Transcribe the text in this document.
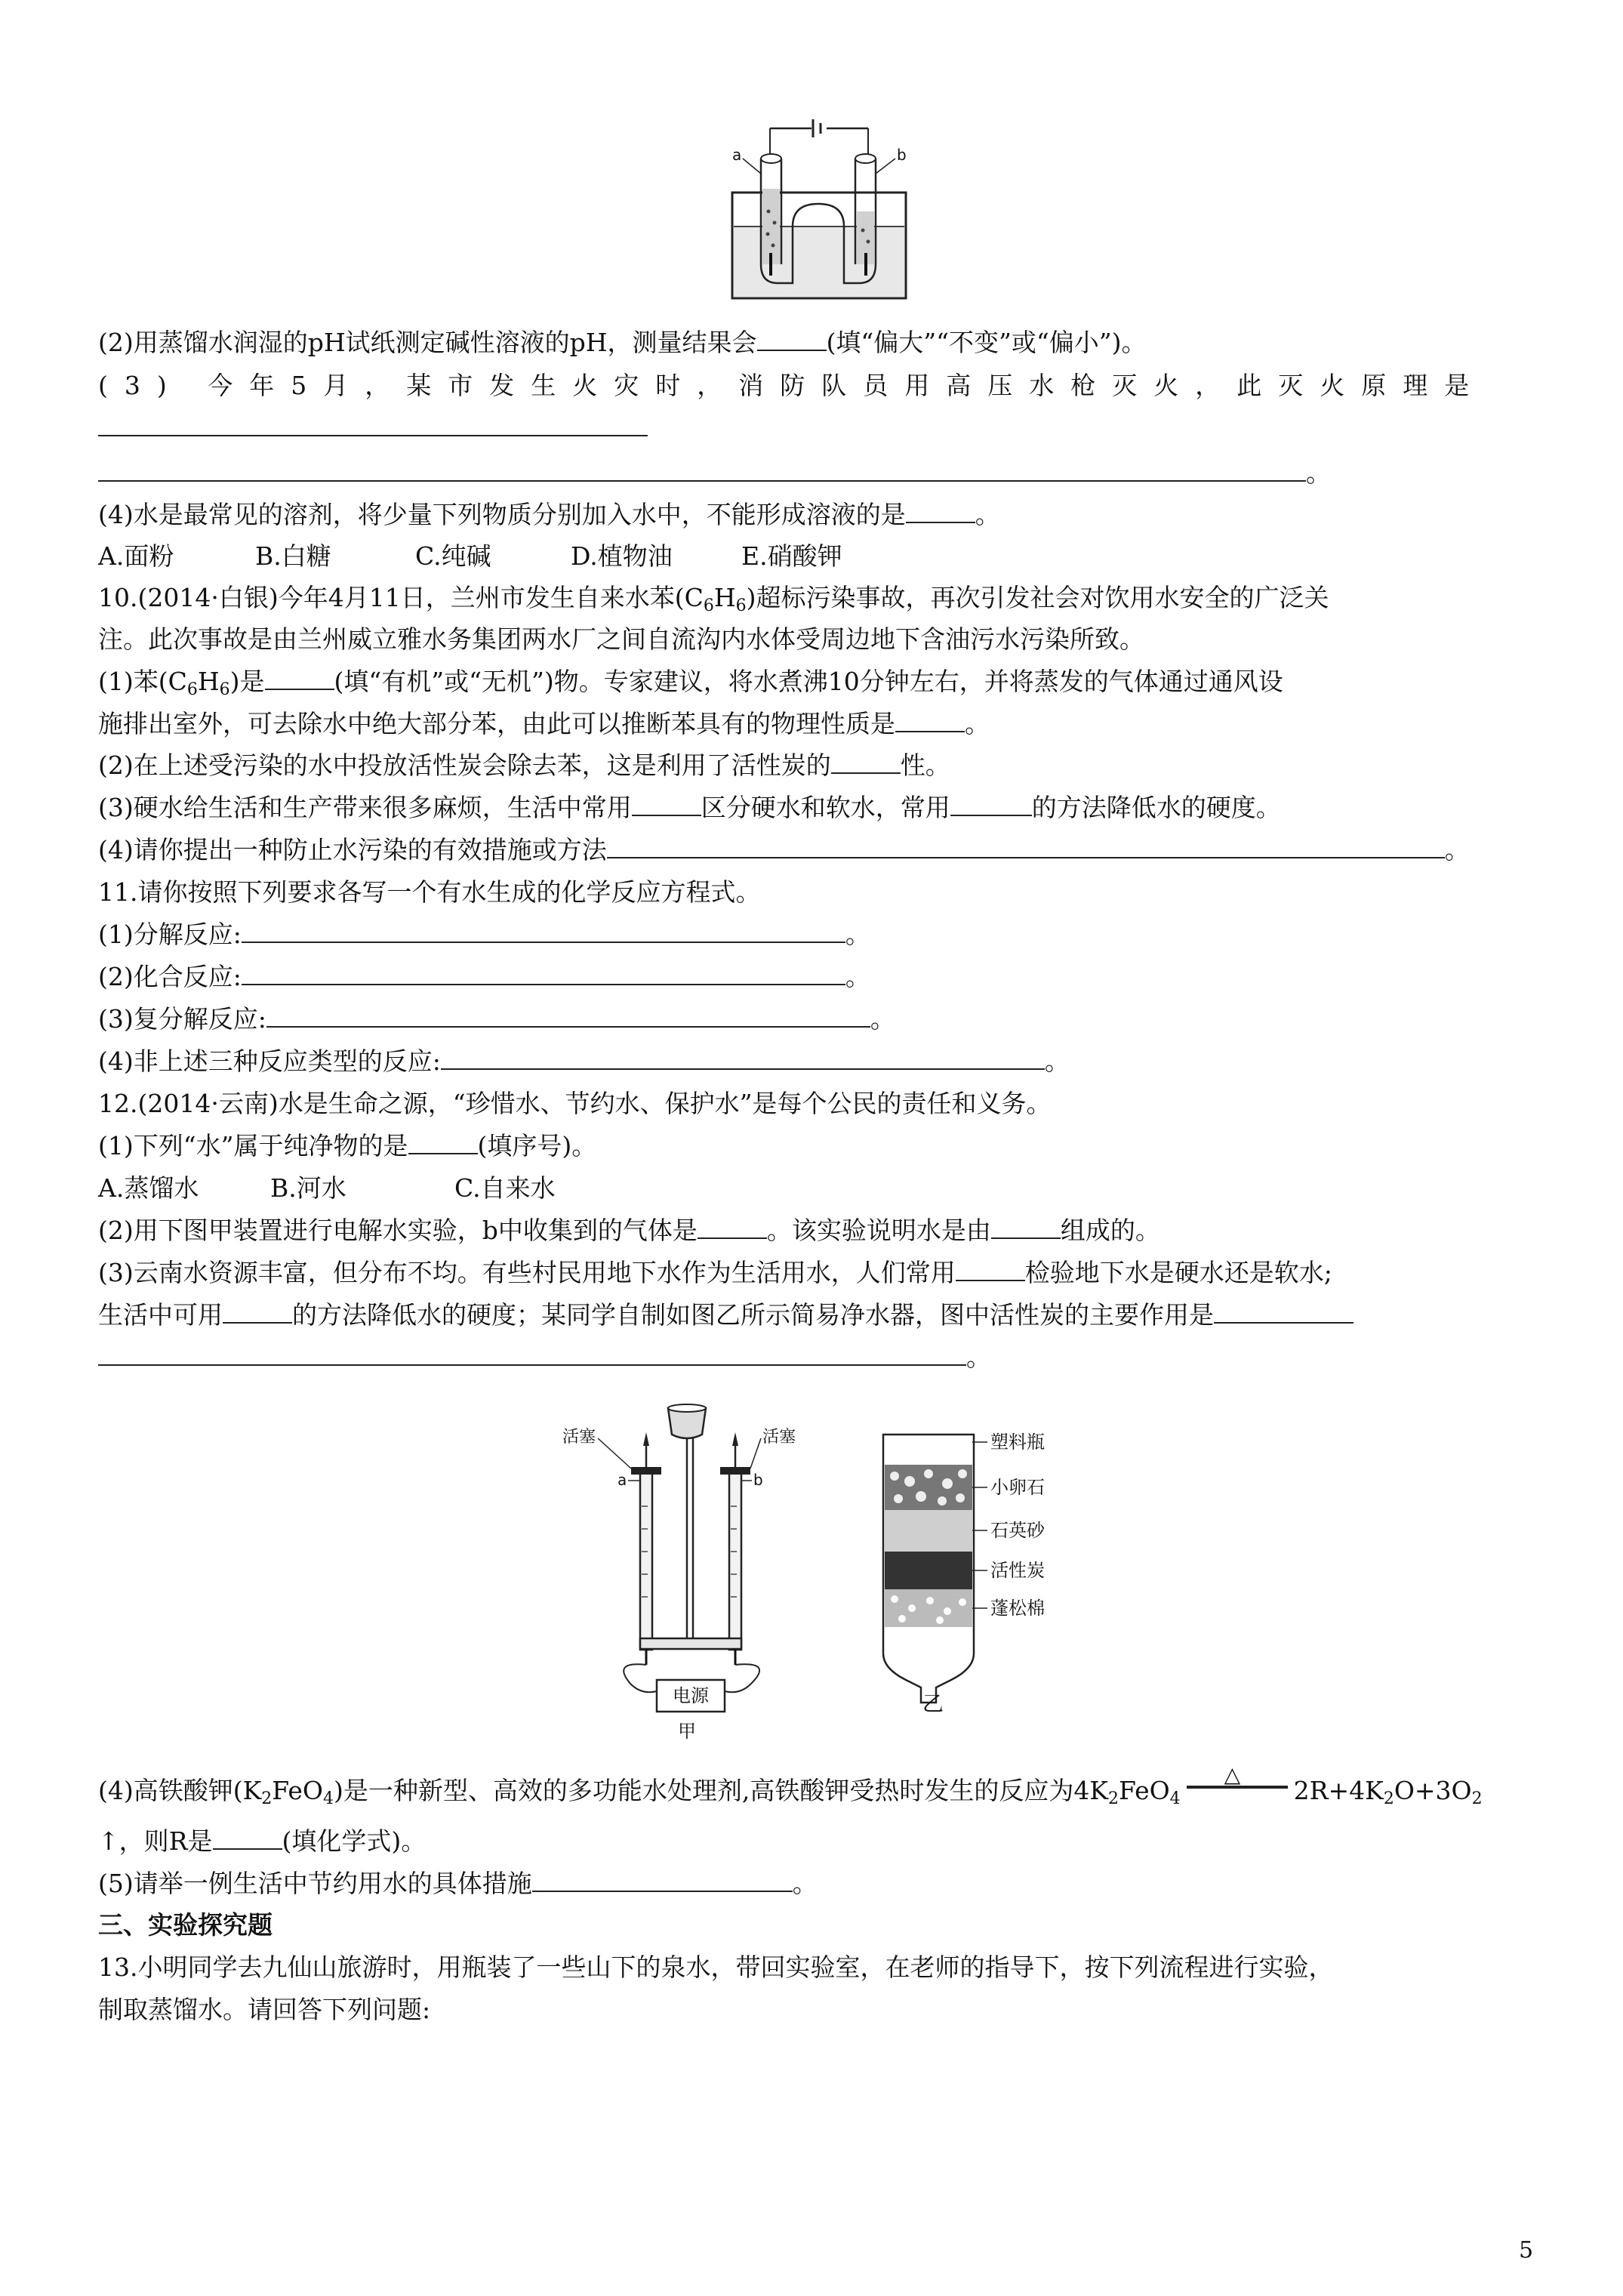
a	b
(2)用蒸馏水润湿的pH试纸测定碱性溶液的pH，测量结果会	(填“偏大”“不变”或“偏小”)。
(3) 今年5月，某市发生火灾时，消防队员用高压水枪灭火，此灭火原理是
。
(4)水是最常见的溶剂，将少量下列物质分别加入水中，不能形成溶液的是	。
A.面粉	B.白糖	C.纯碱	D.植物油	E.硝酸钾
10.(2014·白银)今年4月11日，兰州市发生自来水苯$(C_6H_6)$超标污染事故，再次引发社会对饮用水安全的广泛关
注。此次事故是由兰州威立雅水务集团两水厂之间自流沟内水体受周边地下含油污水污染所致。
(1)苯$(C_6H_6)$是	(填“有机”或“无机”)物。专家建议，将水煮沸10分钟左右，并将蒸发的气体通过通风设
施排出室外，可去除水中绝大部分苯，由此可以推断苯具有的物理性质是	。
(2)在上述受污染的水中投放活性炭会除去苯，这是利用了活性炭的	性。
(3)硬水给生活和生产带来很多麻烦，生活中常用	区分硬水和软水，常用	的方法降低水的硬度。
(4)请你提出一种防止水污染的有效措施或方法	。
11.请你按照下列要求各写一个有水生成的化学反应方程式。
(1)分解反应:	。
(2)化合反应:	。
(3)复分解反应:	。
(4)非上述三种反应类型的反应:	。
12.(2014·云南)水是生命之源，“珍惜水、节约水、保护水”是每个公民的责任和义务。
(1)下列“水”属于纯净物的是	(填序号)。
A.蒸馏水	B.河水	C.自来水
(2)用下图甲装置进行电解水实验，b中收集到的气体是	。该实验说明水是由	组成的。
(3)云南水资源丰富，但分布不均。有些村民用地下水作为生活用水，人们常用	检验地下水是硬水还是软水;
生活中可用	的方法降低水的硬度；某同学自制如图乙所示简易净水器，图中活性炭的主要作用是
。
电源
活塞	活塞
a	b
甲
塑料瓶
小卵石
石英砂
活性炭
蓬松棉
乙
(4)高铁酸钾$(K_2FeO_4)$是一种新型、高效的多功能水处理剂,高铁酸钾受热时发生的反应为$4K_2FeO_4$
△
$2R+4K_2O+3O_2$
↑，则R是	(填化学式)。
(5)请举一例生活中节约用水的具体措施	。
三、实验探究题
13.小明同学去九仙山旅游时，用瓶装了一些山下的泉水，带回实验室，在老师的指导下，按下列流程进行实验，
制取蒸馏水。请回答下列问题:
5
